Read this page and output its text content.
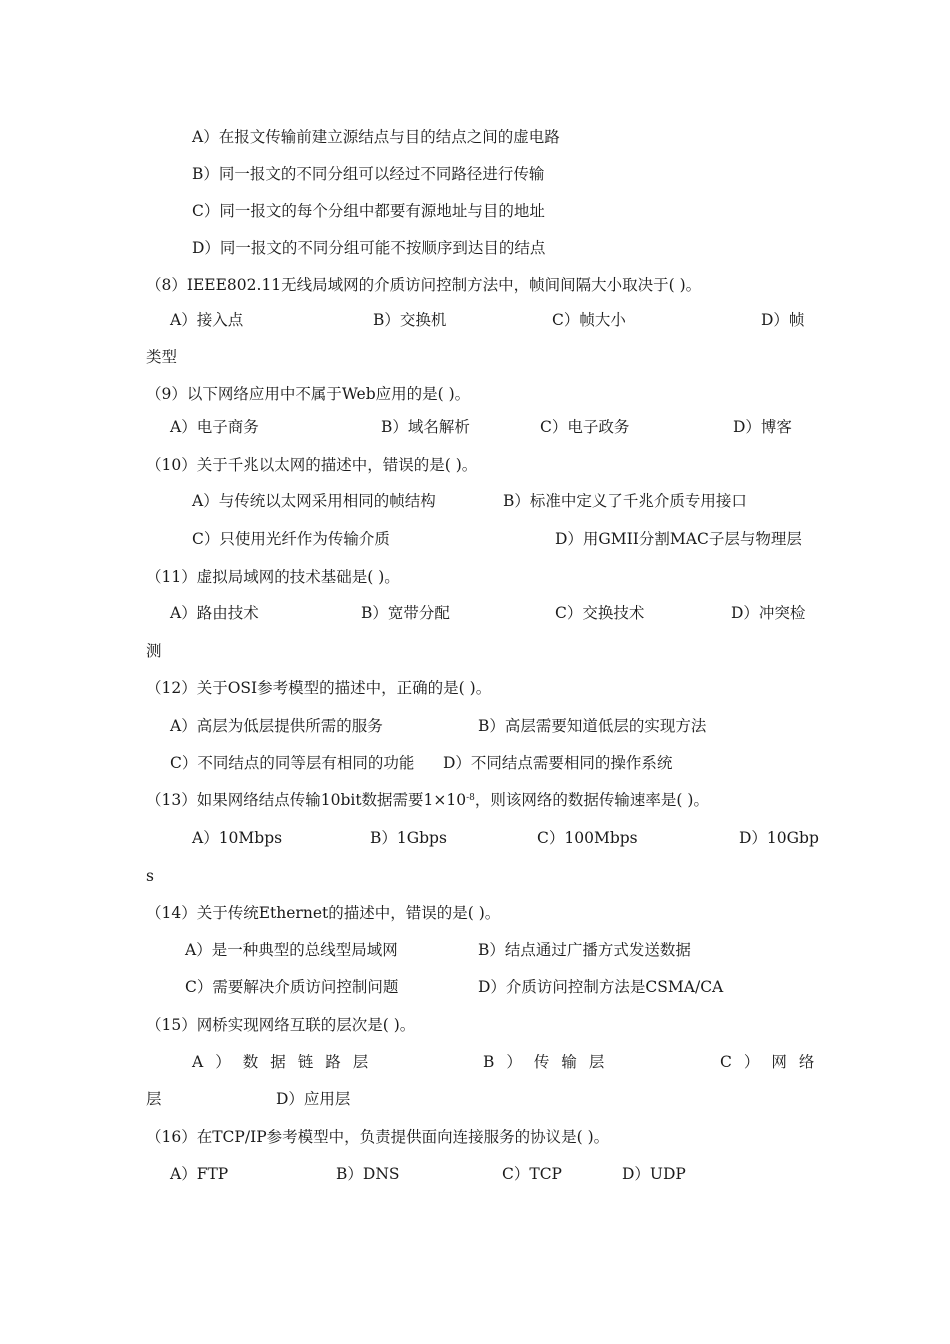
A）在报文传输前建立源结点与目的结点之间的虚电路
B）同一报文的不同分组可以经过不同路径进行传输
C）同一报文的每个分组中都要有源地址与目的地址
D）同一报文的不同分组可能不按顺序到达目的结点
（8）IEEE802.11无线局域网的介质访问控制方法中，帧间间隔大小取决于( )。
A）接入点	B）交换机	C）帧大小	D）帧
类型
（9）以下网络应用中不属于Web应用的是( )。
A）电子商务	B）域名解析	C）电子政务	D）博客
（10）关于千兆以太网的描述中，错误的是( )。
A）与传统以太网采用相同的帧结构	B）标准中定义了千兆介质专用接口
C）只使用光纤作为传输介质	D）用GMII分割MAC子层与物理层
（11）虚拟局域网的技术基础是( )。
A）路由技术	B）宽带分配	C）交换技术	D）冲突检
测
（12）关于OSI参考模型的描述中，正确的是( )。
A）高层为低层提供所需的服务	B）高层需要知道低层的实现方法
C）不同结点的同等层有相同的功能 D）不同结点需要相同的操作系统
（13）如果网络结点传输10bit数据需要$1\times 10^{-8}$，则该网络的数据传输速率是( )。
A）10Mbps	B）1Gbps	C）100Mbps	D）10Gbp
s
（14）关于传统Ethernet的描述中，错误的是( )。
A）是一种典型的总线型局域网	B）结点通过广播方式发送数据
C）需要解决介质访问控制问题	D）介质访问控制方法是CSMA/CA
（15）网桥实现网络互联的层次是( )。
A）数据链路层	B）传输层	C）网络
层	D）应用层
（16）在TCP/IP参考模型中，负责提供面向连接服务的协议是( )。
A）FTP	B）DNS	C）TCP	D）UDP
